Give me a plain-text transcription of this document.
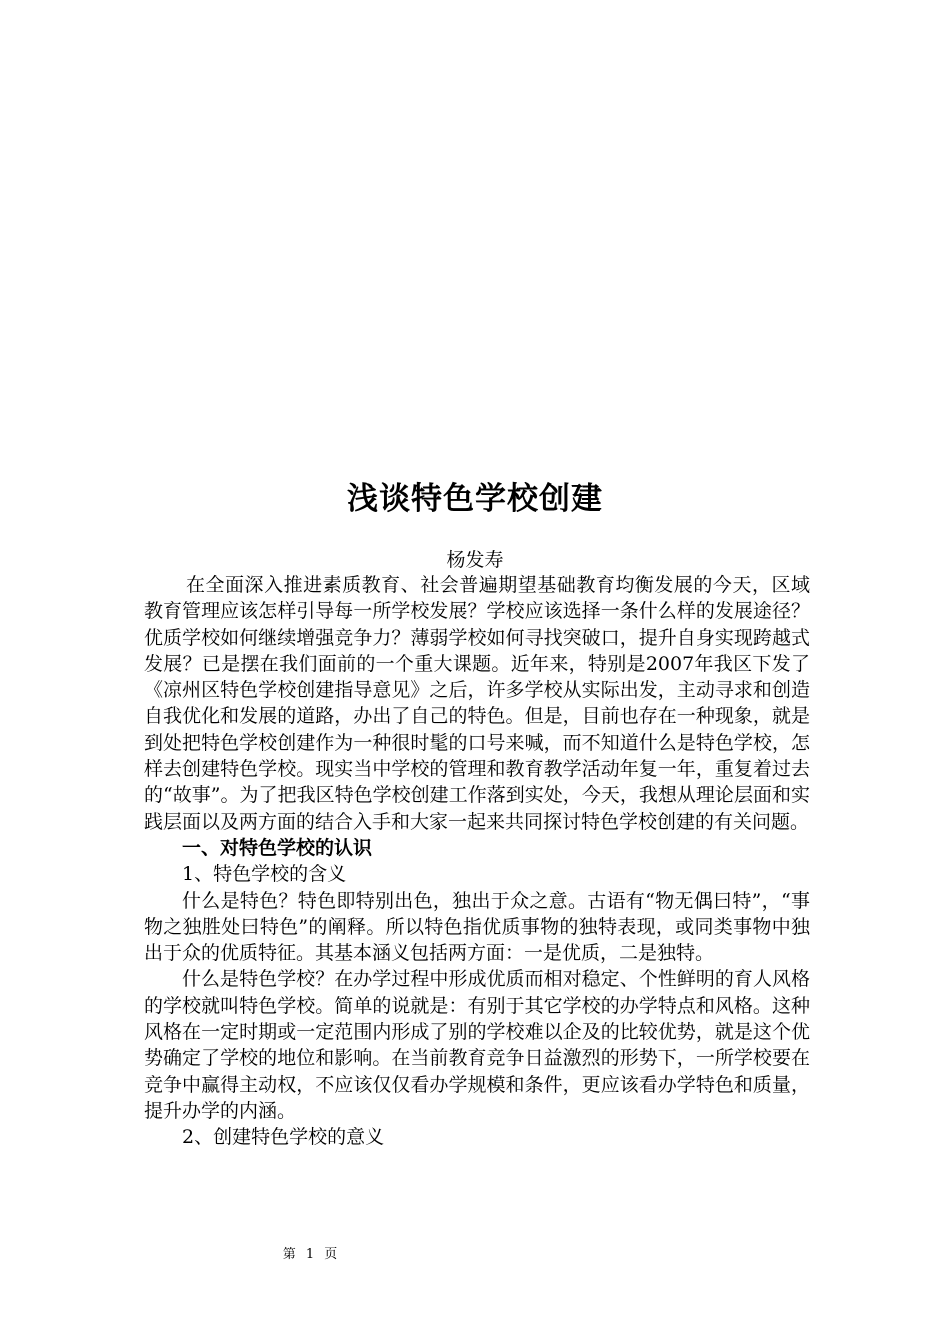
浅谈特色学校创建
杨发寿

在全面深入推进素质教育、社会普遍期望基础教育均衡发展的今天，区域教育管理应该怎样引导每一所学校发展？学校应该选择一条什么样的发展途径？优质学校如何继续增强竞争力？薄弱学校如何寻找突破口，提升自身实现跨越式发展？已是摆在我们面前的一个重大课题。近年来，特别是2007年我区下发了《凉州区特色学校创建指导意见》之后，许多学校从实际出发，主动寻求和创造自我优化和发展的道路，办出了自己的特色。但是，目前也存在一种现象，就是到处把特色学校创建作为一种很时髦的口号来喊，而不知道什么是特色学校，怎样去创建特色学校。现实当中学校的管理和教育教学活动年复一年，重复着过去的“故事”。为了把我区特色学校创建工作落到实处，今天，我想从理论层面和实践层面以及两方面的结合入手和大家一起来共同探讨特色学校创建的有关问题。

一、对特色学校的认识

1、特色学校的含义

什么是特色？特色即特别出色，独出于众之意。古语有“物无偶曰特”，“事物之独胜处曰特色”的阐释。所以特色指优质事物的独特表现，或同类事物中独出于众的优质特征。其基本涵义包括两方面：一是优质，二是独特。

什么是特色学校？在办学过程中形成优质而相对稳定、个性鲜明的育人风格的学校就叫特色学校。简单的说就是：有别于其它学校的办学特点和风格。这种风格在一定时期或一定范围内形成了别的学校难以企及的比较优势，就是这个优势确定了学校的地位和影响。在当前教育竞争日益激烈的形势下，一所学校要在竞争中赢得主动权，不应该仅仅看办学规模和条件，更应该看办学特色和质量，提升办学的内涵。

2、创建特色学校的意义

第 1 页
